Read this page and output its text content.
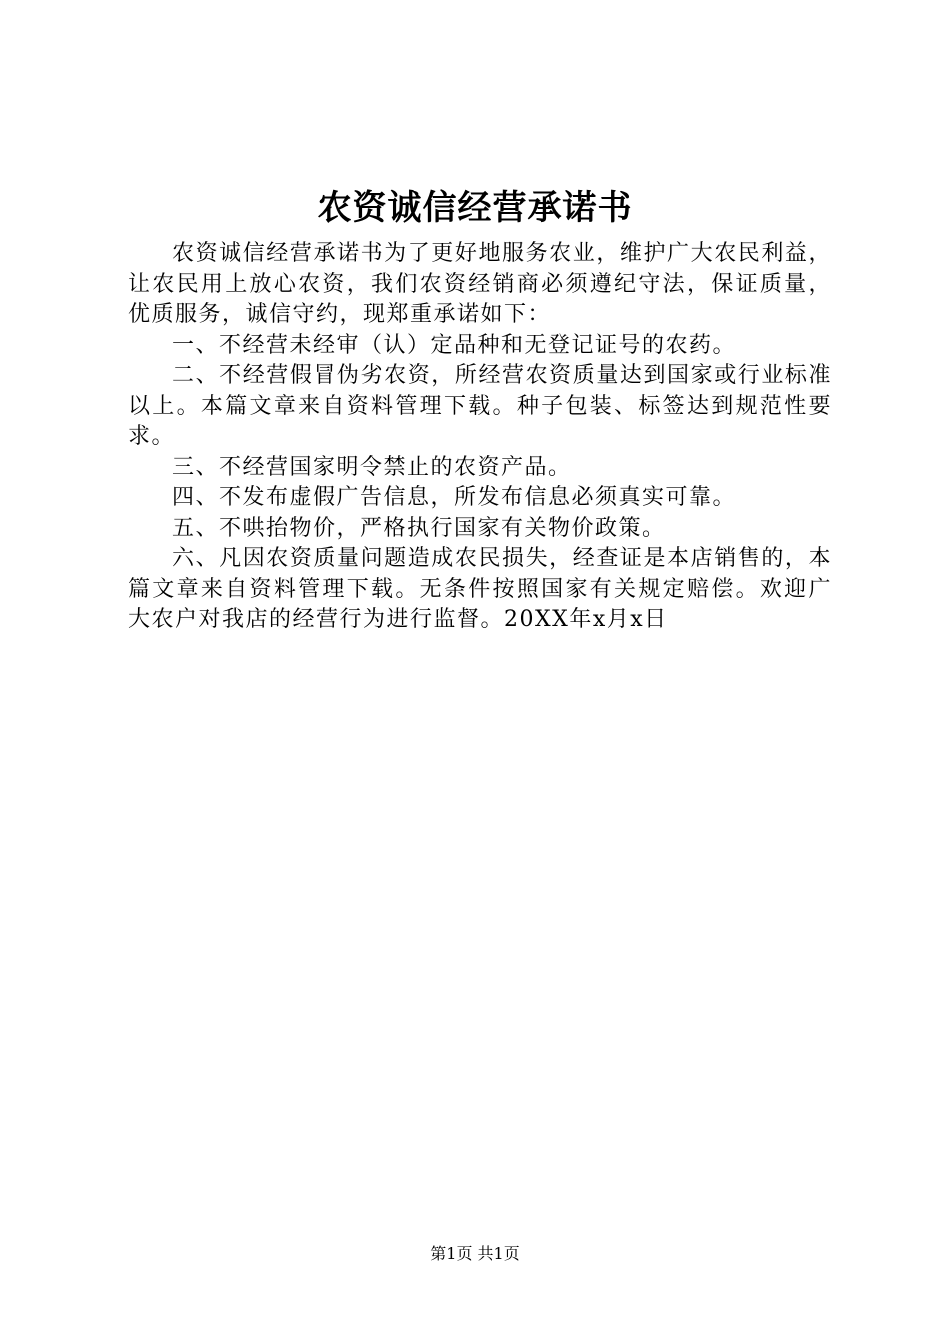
农资诚信经营承诺书

农资诚信经营承诺书为了更好地服务农业，维护广大农民利益，让农民用上放心农资，我们农资经销商必须遵纪守法，保证质量，优质服务，诚信守约，现郑重承诺如下：

一、不经营未经审（认）定品种和无登记证号的农药。

二、不经营假冒伪劣农资，所经营农资质量达到国家或行业标准以上。本篇文章来自资料管理下载。种子包装、标签达到规范性要求。

三、不经营国家明令禁止的农资产品。

四、不发布虚假广告信息，所发布信息必须真实可靠。

五、不哄抬物价，严格执行国家有关物价政策。

六、凡因农资质量问题造成农民损失，经查证是本店销售的，本篇文章来自资料管理下载。无条件按照国家有关规定赔偿。欢迎广大农户对我店的经营行为进行监督。20XX年x月x日

第1页 共1页
